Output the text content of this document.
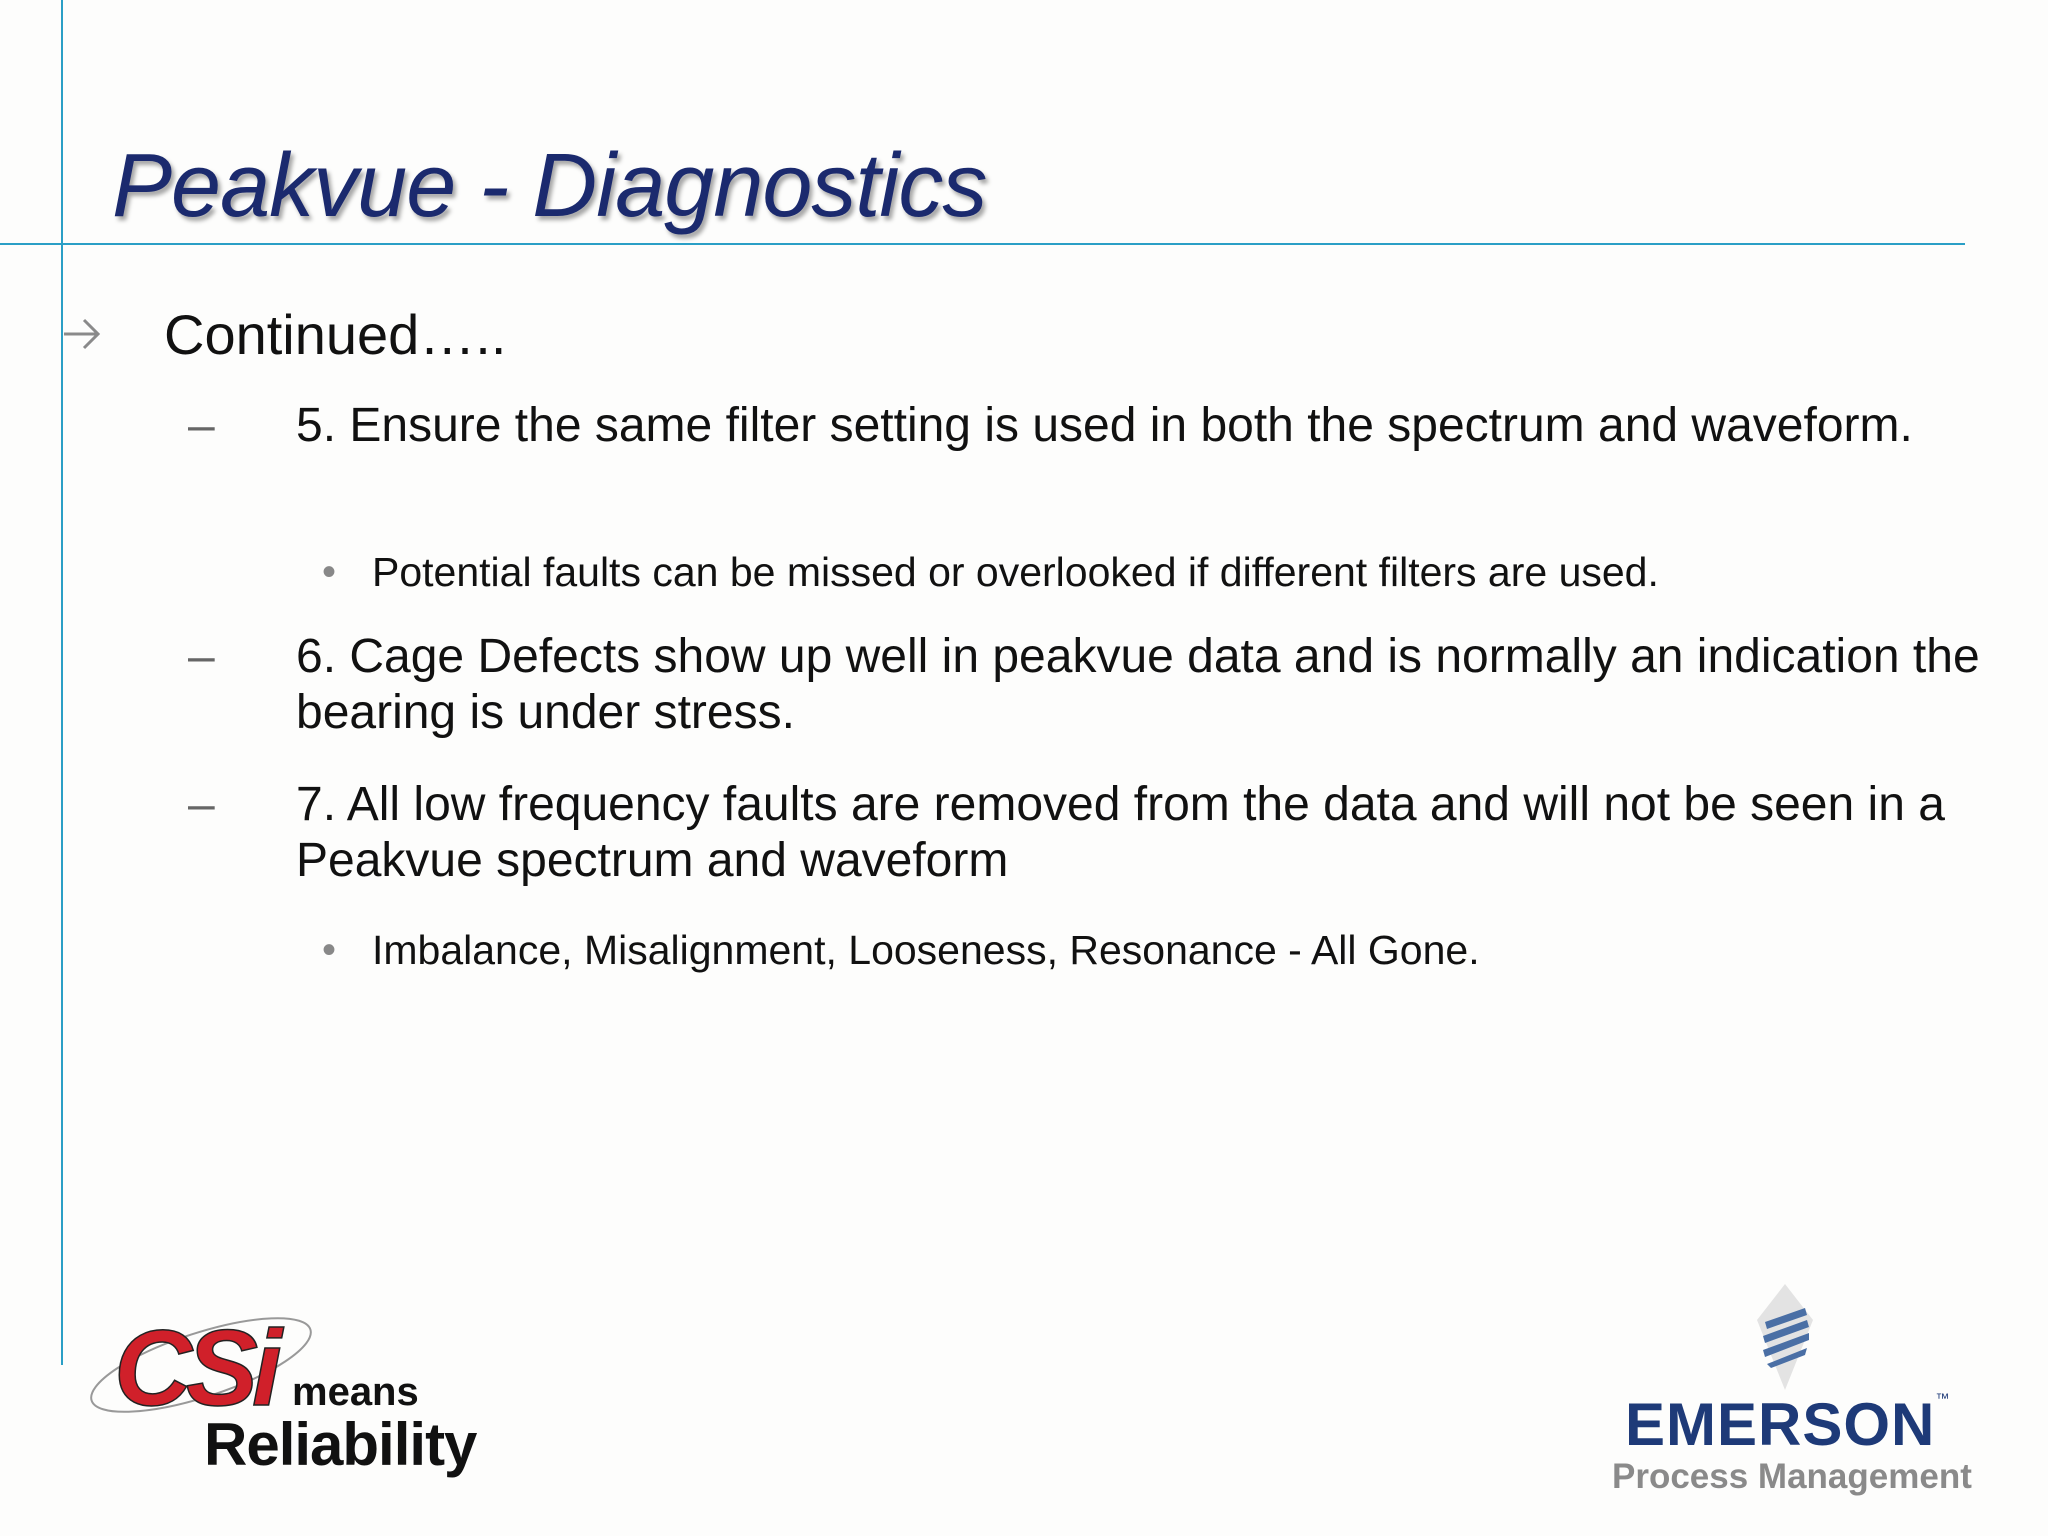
Peakvue - Diagnostics
Continued…..
– 5. Ensure the same filter setting is used in both the spectrum and waveform.
• Potential faults can be missed or overlooked if different filters are used.
– 6. Cage Defects show up well in peakvue data and is normally an indication the bearing is under stress.
– 7. All low frequency faults are removed from the data and will not be seen in a Peakvue spectrum and waveform
• Imbalance, Misalignment, Looseness, Resonance - All Gone.
CSi means
Reliability	EMERSON™
Process Management
